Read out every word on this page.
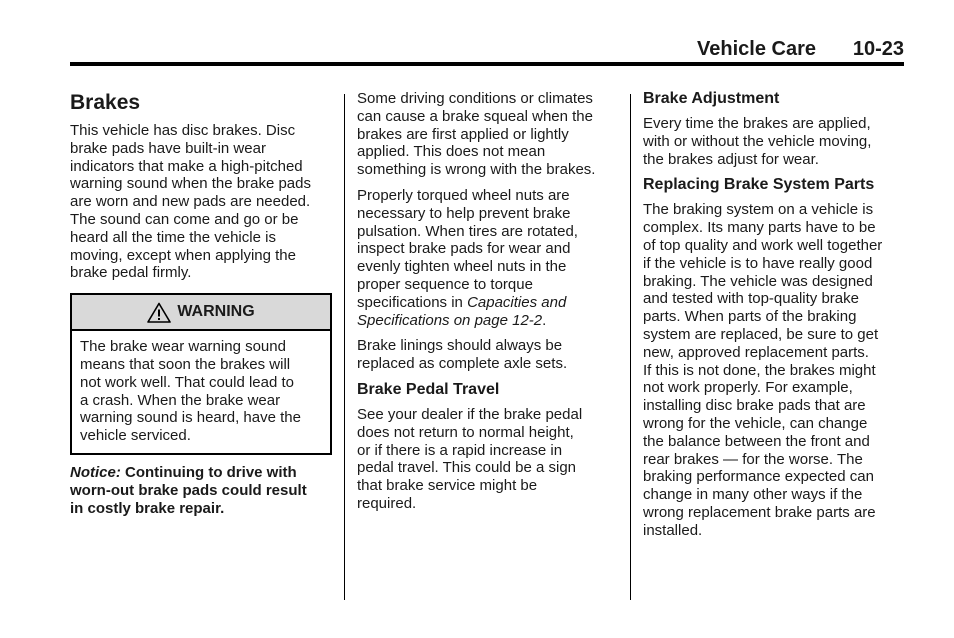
Vehicle Care 10-23
Brakes

This vehicle has disc brakes. Disc
brake pads have built-in wear
indicators that make a high-pitched
warning sound when the brake pads
are worn and new pads are needed.
The sound can come and go or be
heard all the time the vehicle is
moving, except when applying the
brake pedal firmly.

WARNING

The brake wear warning sound
means that soon the brakes will
not work well. That could lead to
a crash. When the brake wear
warning sound is heard, have the
vehicle serviced.

Notice: Continuing to drive with
worn-out brake pads could result
in costly brake repair.

Some driving conditions or climates
can cause a brake squeal when the
brakes are first applied or lightly
applied. This does not mean
something is wrong with the brakes.

Properly torqued wheel nuts are
necessary to help prevent brake
pulsation. When tires are rotated,
inspect brake pads for wear and
evenly tighten wheel nuts in the
proper sequence to torque
specifications in Capacities and
Specifications on page 12-2.

Brake linings should always be
replaced as complete axle sets.

Brake Pedal Travel

See your dealer if the brake pedal
does not return to normal height,
or if there is a rapid increase in
pedal travel. This could be a sign
that brake service might be
required.

Brake Adjustment

Every time the brakes are applied,
with or without the vehicle moving,
the brakes adjust for wear.

Replacing Brake System Parts

The braking system on a vehicle is
complex. Its many parts have to be
of top quality and work well together
if the vehicle is to have really good
braking. The vehicle was designed
and tested with top-quality brake
parts. When parts of the braking
system are replaced, be sure to get
new, approved replacement parts.
If this is not done, the brakes might
not work properly. For example,
installing disc brake pads that are
wrong for the vehicle, can change
the balance between the front and
rear brakes — for the worse. The
braking performance expected can
change in many other ways if the
wrong replacement brake parts are
installed.
